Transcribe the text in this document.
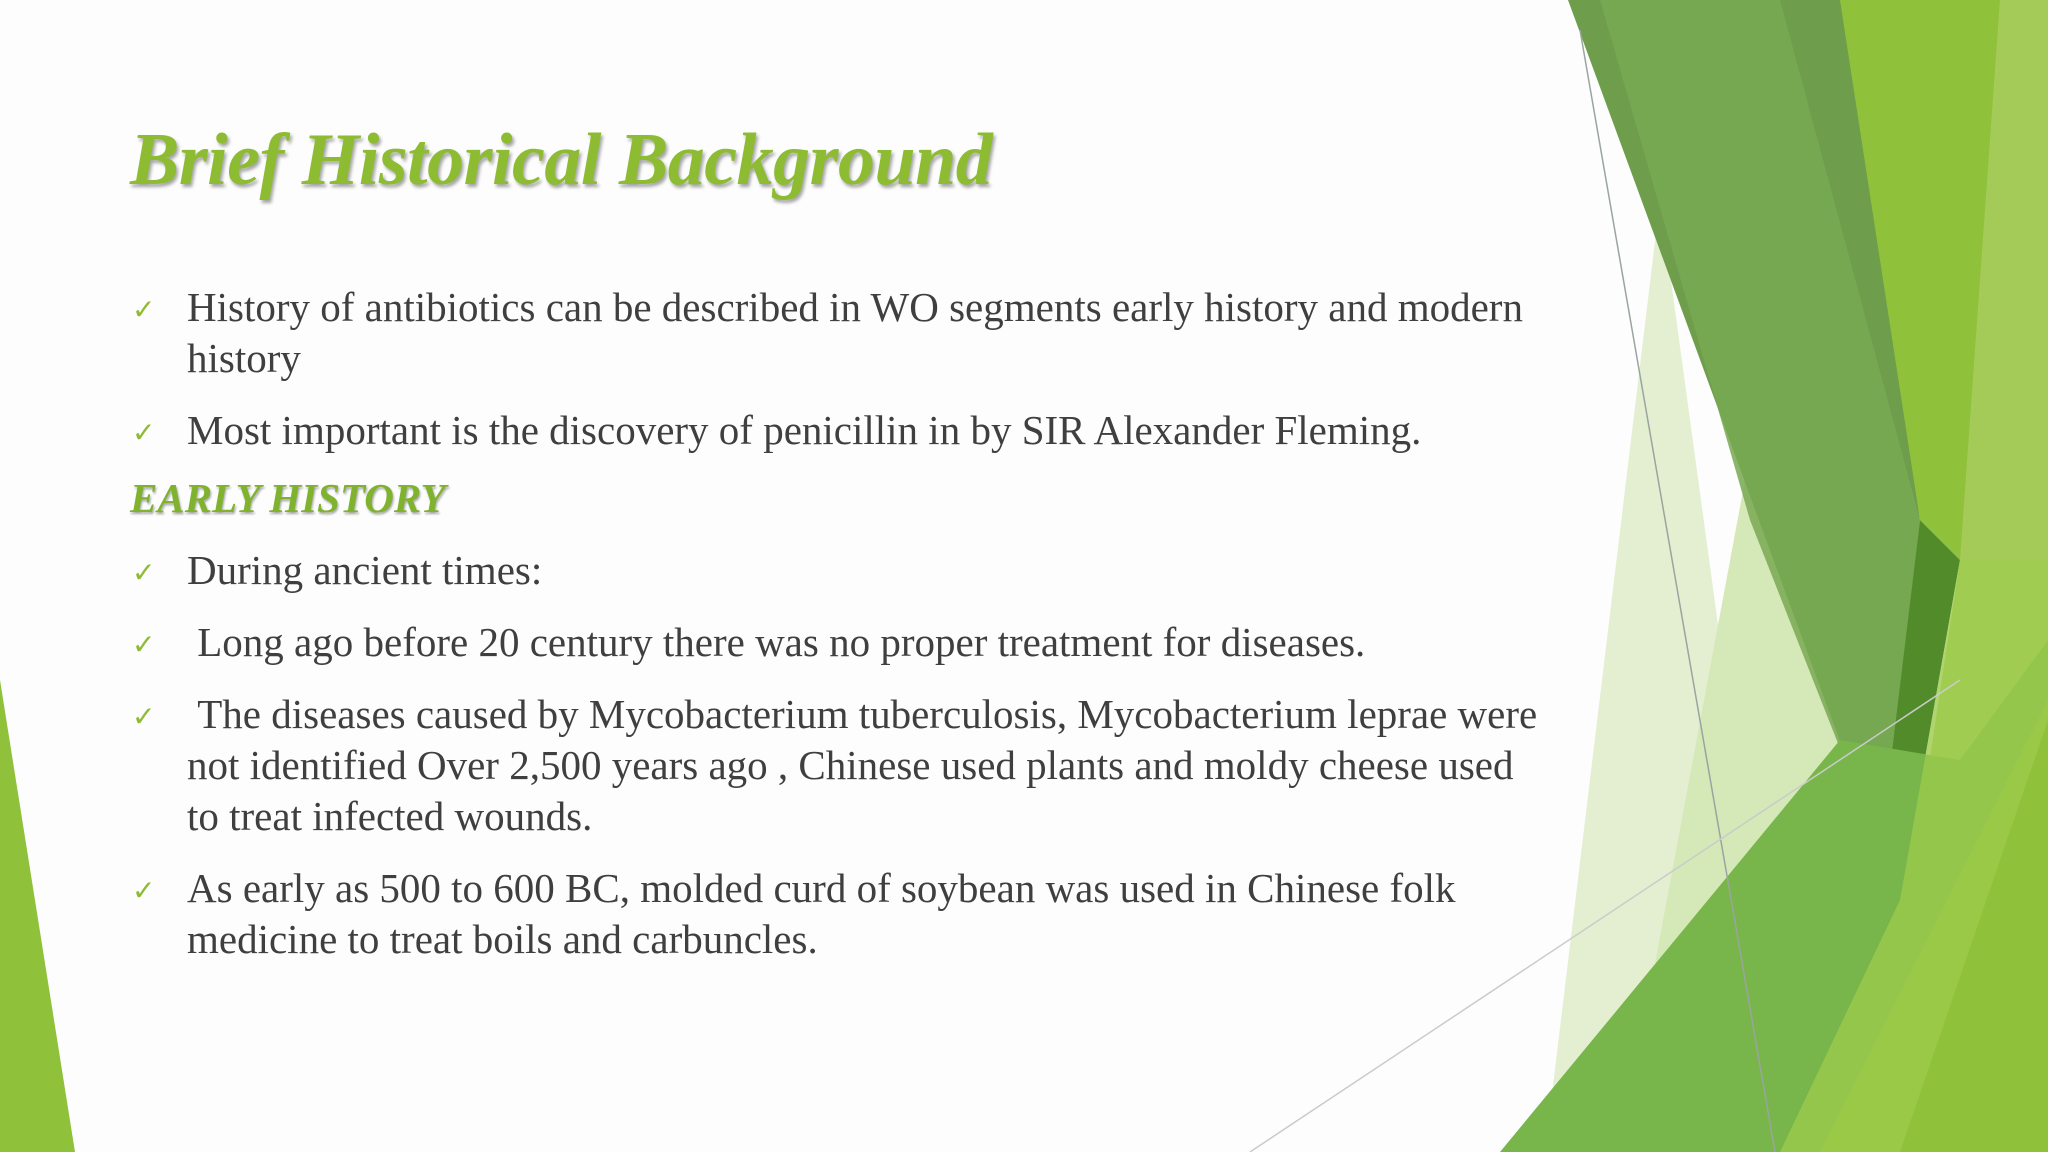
Brief Historical Background
✓ History of antibiotics can be described in WO segments early history and modern history
✓ Most important is the discovery of penicillin in by SIR Alexander Fleming.
EARLY HISTORY
✓ During ancient times:
✓ Long ago before 20 century there was no proper treatment for diseases.
✓ The diseases caused by Mycobacterium tuberculosis, Mycobacterium leprae were not identified Over 2,500 years ago , Chinese used plants and moldy cheese used to treat infected wounds.
✓ As early as 500 to 600 BC, molded curd of soybean was used in Chinese folk medicine to treat boils and carbuncles.
